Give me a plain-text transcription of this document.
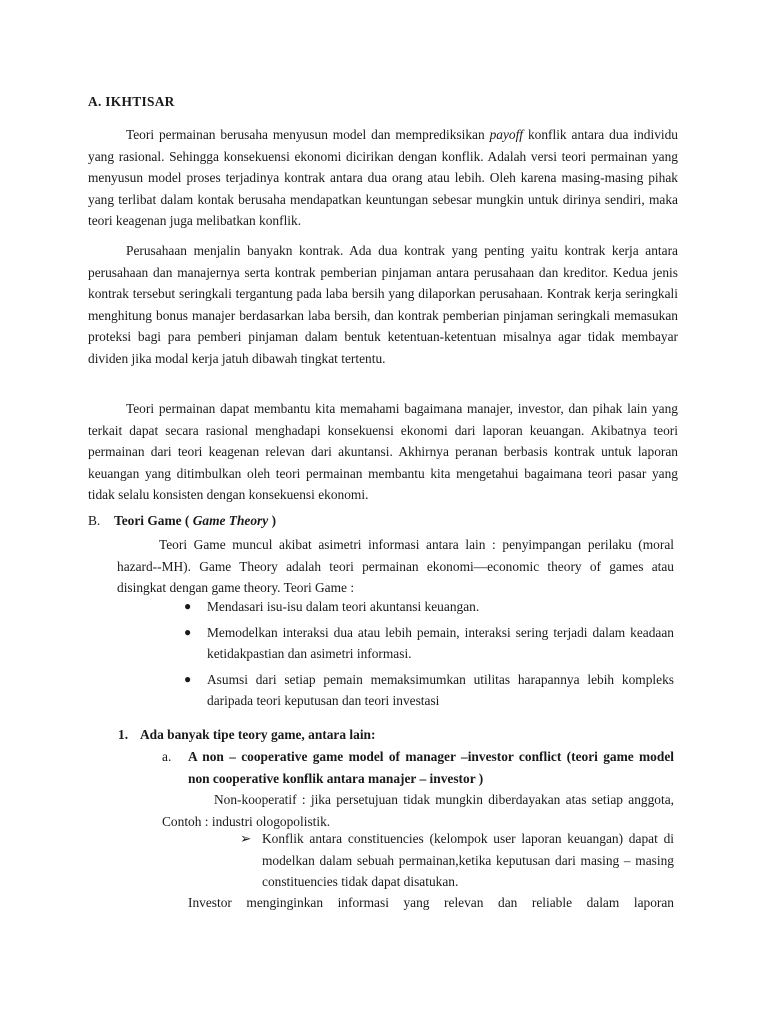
A. IKHTISAR
Teori permainan berusaha menyusun model dan memprediksikan payoff konflik antara dua individu yang rasional. Sehingga konsekuensi ekonomi dicirikan dengan konflik. Adalah versi teori permainan yang menyusun model proses terjadinya kontrak antara dua orang atau lebih. Oleh karena masing-masing pihak yang terlibat dalam kontak berusaha mendapatkan keuntungan sebesar mungkin untuk dirinya sendiri, maka teori keagenan juga melibatkan konflik.
Perusahaan menjalin banyakn kontrak. Ada dua kontrak yang penting yaitu kontrak kerja antara perusahaan dan manajernya serta kontrak pemberian pinjaman antara perusahaan dan kreditor. Kedua jenis kontrak tersebut seringkali tergantung pada laba bersih yang dilaporkan perusahaan. Kontrak kerja seringkali menghitung bonus manajer berdasarkan laba bersih, dan kontrak pemberian pinjaman seringkali memasukan proteksi bagi para pemberi pinjaman dalam bentuk ketentuan-ketentuan misalnya agar tidak membayar dividen jika modal kerja jatuh dibawah tingkat tertentu.
Teori permainan dapat membantu kita memahami bagaimana manajer, investor, dan pihak lain yang terkait dapat secara rasional menghadapi konsekuensi ekonomi dari laporan keuangan. Akibatnya teori permainan dari teori keagenan relevan dari akuntansi. Akhirnya peranan berbasis kontrak untuk laporan keuangan yang ditimbulkan oleh teori permainan membantu kita mengetahui bagaimana teori pasar yang tidak selalu konsisten dengan konsekuensi ekonomi.
B. Teori Game ( Game Theory )
Teori Game muncul akibat asimetri informasi antara lain : penyimpangan perilaku (moral hazard--MH). Game Theory adalah teori permainan ekonomi—economic theory of games atau disingkat dengan game theory. Teori Game :
● Mendasari isu-isu dalam teori akuntansi keuangan.
● Memodelkan interaksi dua atau lebih pemain, interaksi sering terjadi dalam keadaan ketidakpastian dan asimetri informasi.
● Asumsi dari setiap pemain memaksimumkan utilitas harapannya lebih kompleks daripada teori keputusan dan teori investasi
1. Ada banyak tipe teory game, antara lain:
a. A non – cooperative game model of manager –investor conflict (teori game model non cooperative konflik antara manajer – investor )
Non-kooperatif : jika persetujuan tidak mungkin diberdayakan atas setiap anggota, Contoh : industri ologopolistik.
➢ Konflik antara constituencies (kelompok user laporan keuangan) dapat di modelkan dalam sebuah permainan,ketika keputusan dari masing – masing constituencies tidak dapat disatukan.
Investor menginginkan informasi yang relevan dan reliable dalam laporan
